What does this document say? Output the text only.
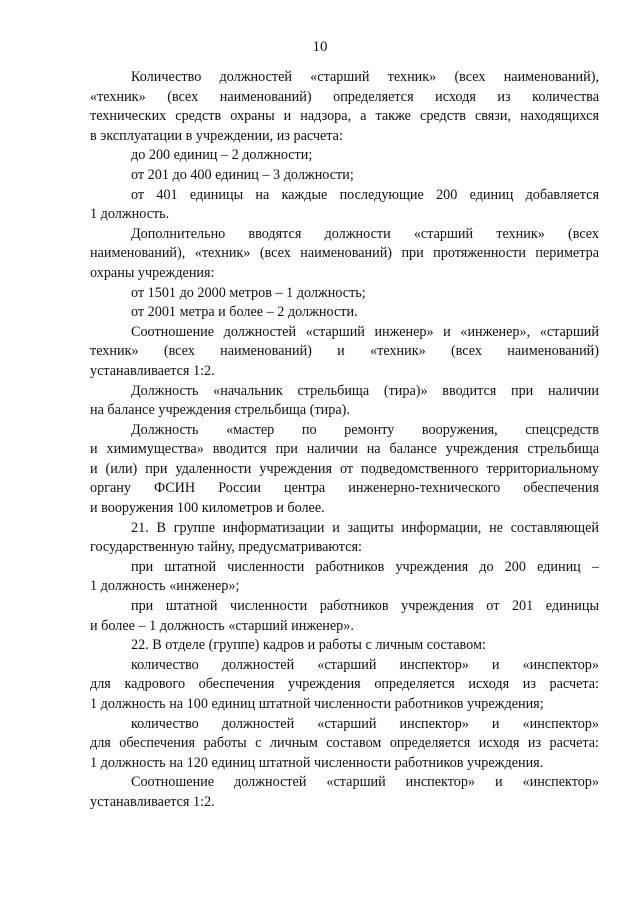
10
Количество должностей «старший техник» (всех наименований),
«техник» (всех наименований) определяется исходя из количества
технических средств охраны и надзора, а также средств связи, находящихся
в эксплуатации в учреждении, из расчета:
до 200 единиц – 2 должности;
от 201 до 400 единиц – 3 должности;
от 401 единицы на каждые последующие 200 единиц добавляется
1 должность.
Дополнительно вводятся должности «старший техник» (всех
наименований), «техник» (всех наименований) при протяженности периметра
охраны учреждения:
от 1501 до 2000 метров – 1 должность;
от 2001 метра и более – 2 должности.
Соотношение должностей «старший инженер» и «инженер», «старший
техник» (всех наименований) и «техник» (всех наименований)
устанавливается 1:2.
Должность «начальник стрельбища (тира)» вводится при наличии
на балансе учреждения стрельбища (тира).
Должность «мастер по ремонту вооружения, спецсредств
и химимущества» вводится при наличии на балансе учреждения стрельбища
и (или) при удаленности учреждения от подведомственного территориальному
органу ФСИН России центра инженерно-технического обеспечения
и вооружения 100 километров и более.
21. В группе информатизации и защиты информации, не составляющей
государственную тайну, предусматриваются:
при штатной численности работников учреждения до 200 единиц –
1 должность «инженер»;
при штатной численности работников учреждения от 201 единицы
и более – 1 должность «старший инженер».
22. В отделе (группе) кадров и работы с личным составом:
количество должностей «старший инспектор» и «инспектор»
для кадрового обеспечения учреждения определяется исходя из расчета:
1 должность на 100 единиц штатной численности работников учреждения;
количество должностей «старший инспектор» и «инспектор»
для обеспечения работы с личным составом определяется исходя из расчета:
1 должность на 120 единиц штатной численности работников учреждения.
Соотношение должностей «старший инспектор» и «инспектор»
устанавливается 1:2.
